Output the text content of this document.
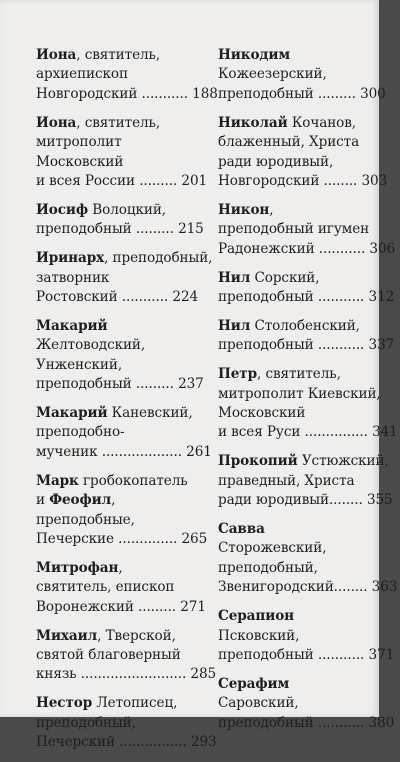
Иона, святитель,
архиепископ
Новгородский ........... 188
Иона, святитель,
митрополит
Московский
и всея России ......... 201
Иосиф Волоцкий,
преподобный ......... 215
Иринарх, преподобный,
затворник
Ростовский ........... 224
Макарий
Желтоводский,
Унженский,
преподобный ......... 237
Макарий Каневский,
преподобно-
мученик ................... 261
Марк гробокопатель
и Феофил,
преподобные,
Печерские .............. 265
Митрофан,
святитель, епископ
Воронежский ......... 271
Михаил, Тверской,
святой благоверный
князь ......................... 285
Нестор Летописец,
преподобный,
Печерский ................ 293
Никодим
Кожеезерский,
преподобный ......... 300
Николай Кочанов,
блаженный, Христа
ради юродивый,
Новгородский ........ 303
Никон,
преподобный игумен
Радонежский ........... 306
Нил Сорский,
преподобный ........... 312
Нил Столобенский,
преподобный ........... 337
Петр, святитель,
митрополит Киевский,
Московский
и всея Руси ............... 341
Прокопий Устюжский,
праведный, Христа
ради юродивый........ 355
Савва
Сторожевский,
преподобный,
Звенигородский........ 363
Серапион
Псковский,
преподобный ........... 371
Серафим
Саровский,
преподобный ........... 380
